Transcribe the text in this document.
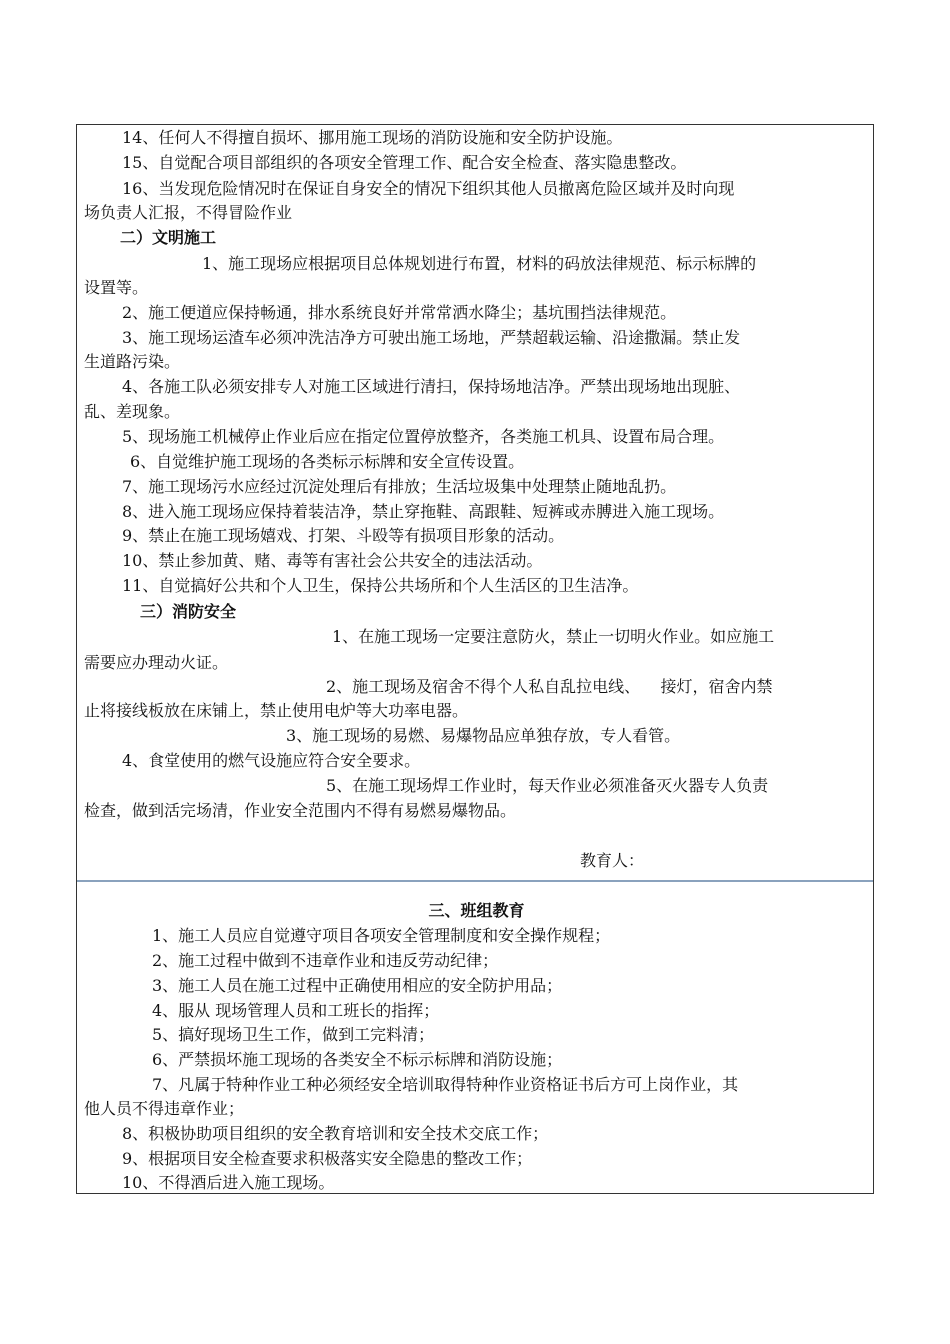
14、任何人不得擅自损坏、挪用施工现场的消防设施和安全防护设施。
15、自觉配合项目部组织的各项安全管理工作、配合安全检查、落实隐患整改。
16、当发现危险情况时在保证自身安全的情况下组织其他人员撤离危险区域并及时向现
场负责人汇报，不得冒险作业
二）文明施工
1、施工现场应根据项目总体规划进行布置，材料的码放法律规范、标示标牌的
设置等。
2、施工便道应保持畅通，排水系统良好并常常洒水降尘；基坑围挡法律规范。
3、施工现场运渣车必须冲洗洁净方可驶出施工场地，严禁超载运输、沿途撒漏。禁止发
生道路污染。
4、各施工队必须安排专人对施工区域进行清扫，保持场地洁净。严禁出现场地出现脏、
乱、差现象。
5、现场施工机械停止作业后应在指定位置停放整齐，各类施工机具、设置布局合理。
6、自觉维护施工现场的各类标示标牌和安全宣传设置。
7、施工现场污水应经过沉淀处理后有排放；生活垃圾集中处理禁止随地乱扔。
8、进入施工现场应保持着装洁净，禁止穿拖鞋、高跟鞋、短裤或赤膊进入施工现场。
9、禁止在施工现场嬉戏、打架、斗殴等有损项目形象的活动。
10、禁止参加黄、赌、毒等有害社会公共安全的违法活动。
11、自觉搞好公共和个人卫生，保持公共场所和个人生活区的卫生洁净。
三）消防安全
1、在施工现场一定要注意防火，禁止一切明火作业。如应施工
需要应办理动火证。
2、施工现场及宿舍不得个人私自乱拉电线、    接灯，宿舍内禁
止将接线板放在床铺上，禁止使用电炉等大功率电器。
3、施工现场的易燃、易爆物品应单独存放，专人看管。
4、食堂使用的燃气设施应符合安全要求。
5、在施工现场焊工作业时，每天作业必须准备灭火器专人负责
检查，做到活完场清，作业安全范围内不得有易燃易爆物品。
教育人：
三、班组教育
1、施工人员应自觉遵守项目各项安全管理制度和安全操作规程；
2、施工过程中做到不违章作业和违反劳动纪律；
3、施工人员在施工过程中正确使用相应的安全防护用品；
4、服从 现场管理人员和工班长的指挥；
5、搞好现场卫生工作，做到工完料清；
6、严禁损坏施工现场的各类安全不标示标牌和消防设施；
7、凡属于特种作业工种必须经安全培训取得特种作业资格证书后方可上岗作业，其
他人员不得违章作业；
8、积极协助项目组织的安全教育培训和安全技术交底工作；
9、根据项目安全检查要求积极落实安全隐患的整改工作；
10、不得酒后进入施工现场。
